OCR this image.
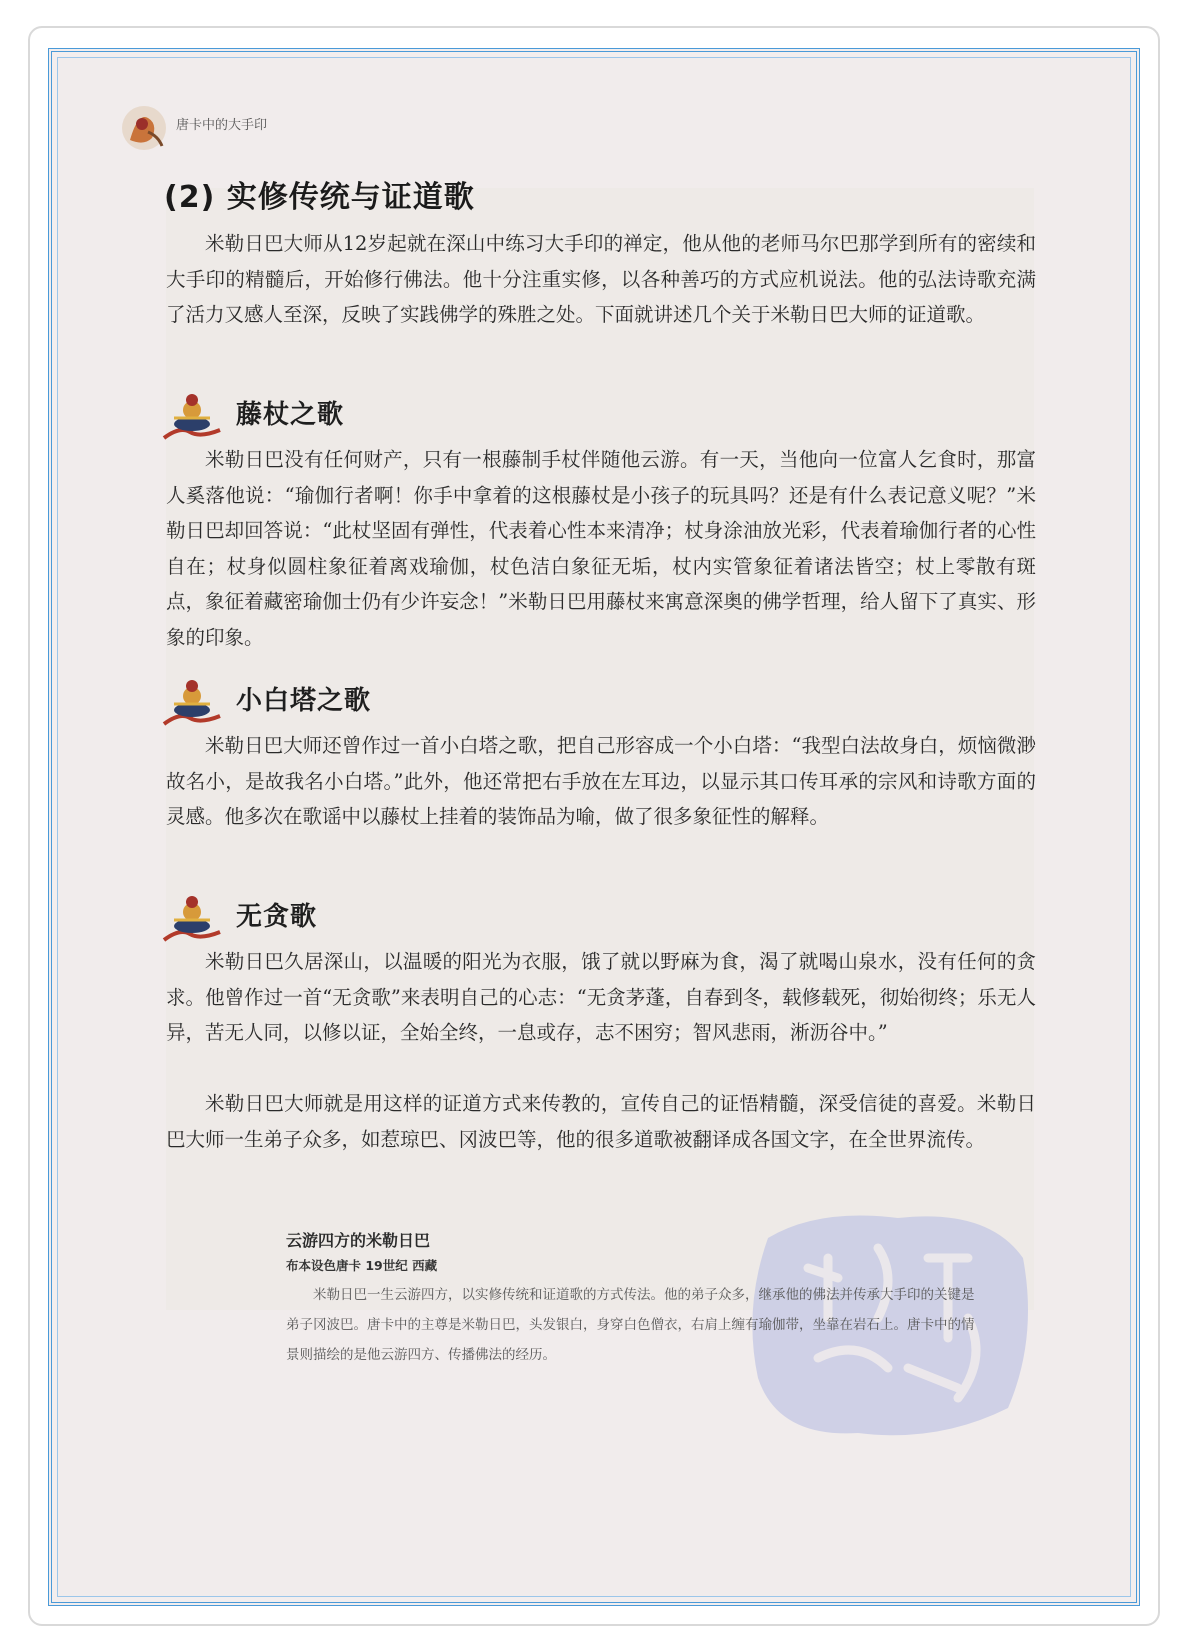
唐卡中的大手印
(2) 实修传统与证道歌

米勒日巴大师从12岁起就在深山中练习大手印的禅定，他从他的老师马尔巴那学到所有的密续和大手印的精髓后，开始修行佛法。他十分注重实修，以各种善巧的方式应机说法。他的弘法诗歌充满了活力又感人至深，反映了实践佛学的殊胜之处。下面就讲述几个关于米勒日巴大师的证道歌。

藤杖之歌

米勒日巴没有任何财产，只有一根藤制手杖伴随他云游。有一天，当他向一位富人乞食时，那富人奚落他说：“瑜伽行者啊！你手中拿着的这根藤杖是小孩子的玩具吗？还是有什么表记意义呢？”米勒日巴却回答说：“此杖坚固有弹性，代表着心性本来清净；杖身涂油放光彩，代表着瑜伽行者的心性自在；杖身似圆柱象征着离戏瑜伽，杖色洁白象征无垢，杖内实管象征着诸法皆空；杖上零散有斑点，象征着藏密瑜伽士仍有少许妄念！”米勒日巴用藤杖来寓意深奥的佛学哲理，给人留下了真实、形象的印象。

小白塔之歌

米勒日巴大师还曾作过一首小白塔之歌，把自己形容成一个小白塔：“我型白法故身白，烦恼微渺故名小，是故我名小白塔。”此外，他还常把右手放在左耳边，以显示其口传耳承的宗风和诗歌方面的灵感。他多次在歌谣中以藤杖上挂着的装饰品为喻，做了很多象征性的解释。

无贪歌

米勒日巴久居深山，以温暖的阳光为衣服，饿了就以野麻为食，渴了就喝山泉水，没有任何的贪求。他曾作过一首“无贪歌”来表明自己的心志：“无贪茅蓬，自春到冬，载修载死，彻始彻终；乐无人异，苦无人同，以修以证，全始全终，一息或存，志不困穷；智风悲雨，淅沥谷中。”

米勒日巴大师就是用这样的证道方式来传教的，宣传自己的证悟精髓，深受信徒的喜爱。米勒日巴大师一生弟子众多，如惹琼巴、冈波巴等，他的很多道歌被翻译成各国文字，在全世界流传。

云游四方的米勒日巴
布本设色唐卡 19世纪 西藏

米勒日巴一生云游四方，以实修传统和证道歌的方式传法。他的弟子众多，继承他的佛法并传承大手印的关键是弟子冈波巴。唐卡中的主尊是米勒日巴，头发银白，身穿白色僧衣，右肩上缠有瑜伽带，坐靠在岩石上。唐卡中的情景则描绘的是他云游四方、传播佛法的经历。
